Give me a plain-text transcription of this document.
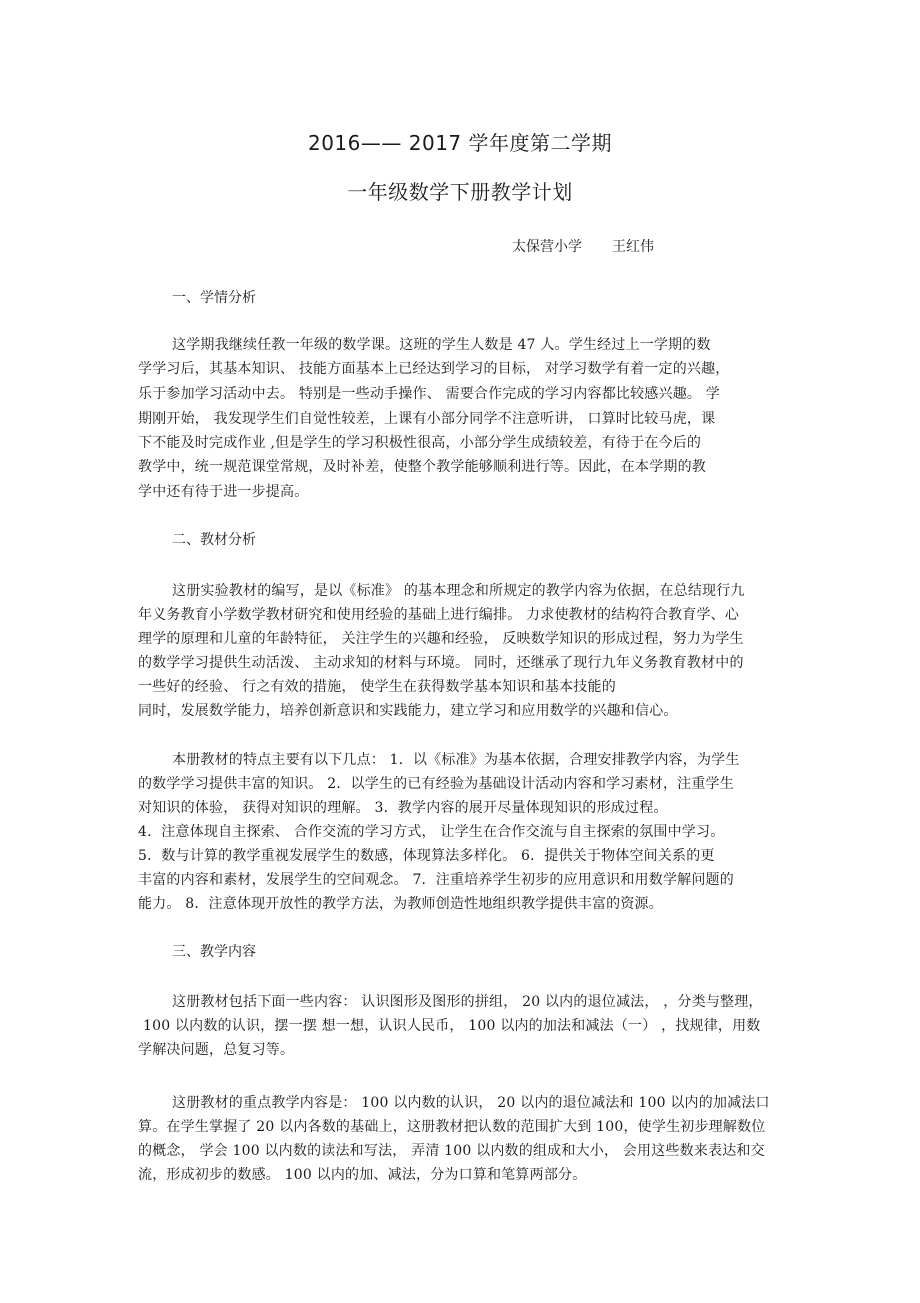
2016—— 2017 学年度第二学期
一年级数学下册教学计划
太保营小学 王红伟
一、学情分析
这学期我继续任教一年级的数学课。这班的学生人数是 47 人。学生经过上一学期的数
学学习后，其基本知识、 技能方面基本上已经达到学习的目标， 对学习数学有着一定的兴趣，
乐于参加学习活动中去。 特别是一些动手操作、 需要合作完成的学习内容都比较感兴趣。 学
期刚开始， 我发现学生们自觉性较差，上课有小部分同学不注意听讲， 口算时比较马虎，课
下不能及时完成作业 ,但是学生的学习积极性很高，小部分学生成绩较差，有待于在今后的
教学中，统一规范课堂常规，及时补差，使整个教学能够顺利进行等。因此，在本学期的教
学中还有待于进一步提高。
二、教材分析
这册实验教材的编写，是以《标准》 的基本理念和所规定的教学内容为依据，在总结现行九
年义务教育小学数学教材研究和使用经验的基础上进行编排。 力求使教材的结构符合教育学、心
理学的原理和儿童的年龄特征， 关注学生的兴趣和经验， 反映数学知识的形成过程，努力为学生
的数学学习提供生动活泼、 主动求知的材料与环境。 同时，还继承了现行九年义务教育教材中的
一些好的经验、 行之有效的措施， 使学生在获得数学基本知识和基本技能的
同时，发展数学能力，培养创新意识和实践能力，建立学习和应用数学的兴趣和信心。
本册教材的特点主要有以下几点： 1．以《标准》为基本依据，合理安排教学内容，为学生
的数学学习提供丰富的知识。 2．以学生的已有经验为基础设计活动内容和学习素材，注重学生
对知识的体验， 获得对知识的理解。 3．教学内容的展开尽量体现知识的形成过程。
4．注意体现自主探索、 合作交流的学习方式， 让学生在合作交流与自主探索的氛围中学习。
5．数与计算的教学重视发展学生的数感，体现算法多样化。 6．提供关于物体空间关系的更
丰富的内容和素材，发展学生的空间观念。 7．注重培养学生初步的应用意识和用数学解问题的
能力。 8．注意体现开放性的教学方法，为教师创造性地组织教学提供丰富的资源。
三、教学内容
这册教材包括下面一些内容： 认识图形及图形的拼组， 20 以内的退位减法， ，分类与整理，
100 以内数的认识，摆一摆 想一想，认识人民币， 100 以内的加法和减法（一） ，找规律，用数
学解决问题，总复习等。
这册教材的重点教学内容是： 100 以内数的认识， 20 以内的退位减法和 100 以内的加减法口
算。在学生掌握了 20 以内各数的基础上，这册教材把认数的范围扩大到 100，使学生初步理解数位
的概念， 学会 100 以内数的读法和写法， 弄清 100 以内数的组成和大小， 会用这些数来表达和交
流，形成初步的数感。 100 以内的加、减法，分为口算和笔算两部分。
